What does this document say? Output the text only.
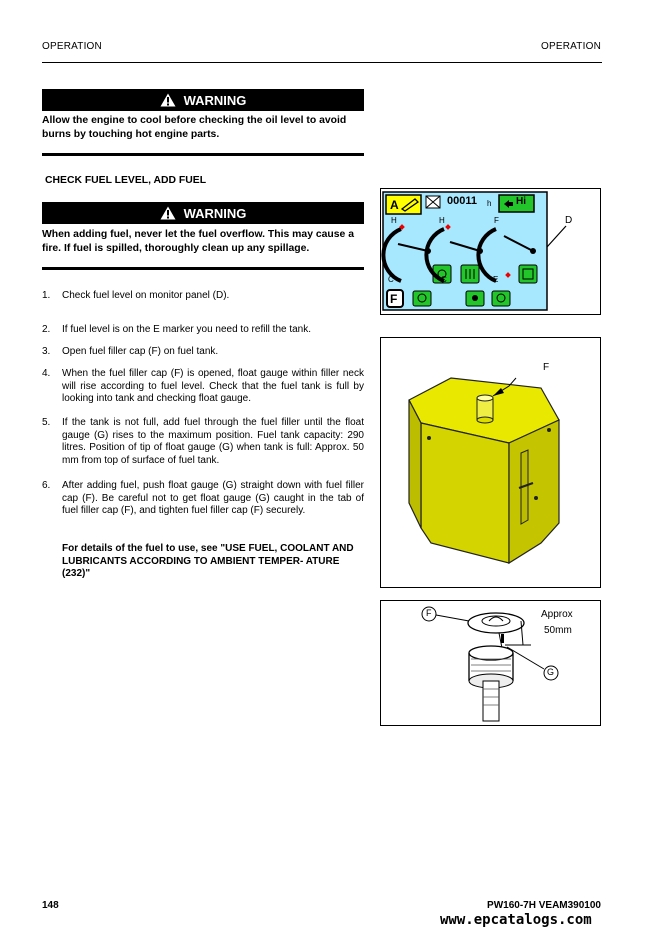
OPERATION	OPERATION
WARNING
Allow the engine to cool before checking the oil level to avoid burns by touching hot engine parts.
CHECK FUEL LEVEL, ADD FUEL
WARNING
When adding fuel, never let the fuel overflow. This may cause a fire. If fuel is spilled, thoroughly clean up any spillage.
1. Check fuel level on monitor panel (D).
2. If fuel level is on the E marker you need to refill the tank.
3. Open fuel filler cap (F) on fuel tank.
4. When the fuel filler cap (F) is opened, float gauge within filler neck will rise according to fuel level. Check that the fuel tank is full by looking into tank and checking float gauge.
5. If the tank is not full, add fuel through the fuel filler until the float gauge (G) rises to the maximum position. Fuel tank capacity: 290 litres. Position of tip of float gauge (G) when tank is full: Approx. 50 mm from top of surface of fuel tank.
6. After adding fuel, push float gauge (G) straight down with fuel filler cap (F). Be careful not to get float gauge (G) caught in the tab of fuel filler cap (F), and tighten fuel filler cap (F) securely.
For details of the fuel to use, see "USE FUEL, COOLANT AND LUBRICANTS ACCORDING TO AMBIENT TEMPER- ATURE (232)"
A	00011 h Hi
F
H
C
H
C
F
E
D
F
F
G
Approx
50mm
148	PW160-7H VEAM390100
www.epcatalogs.com
